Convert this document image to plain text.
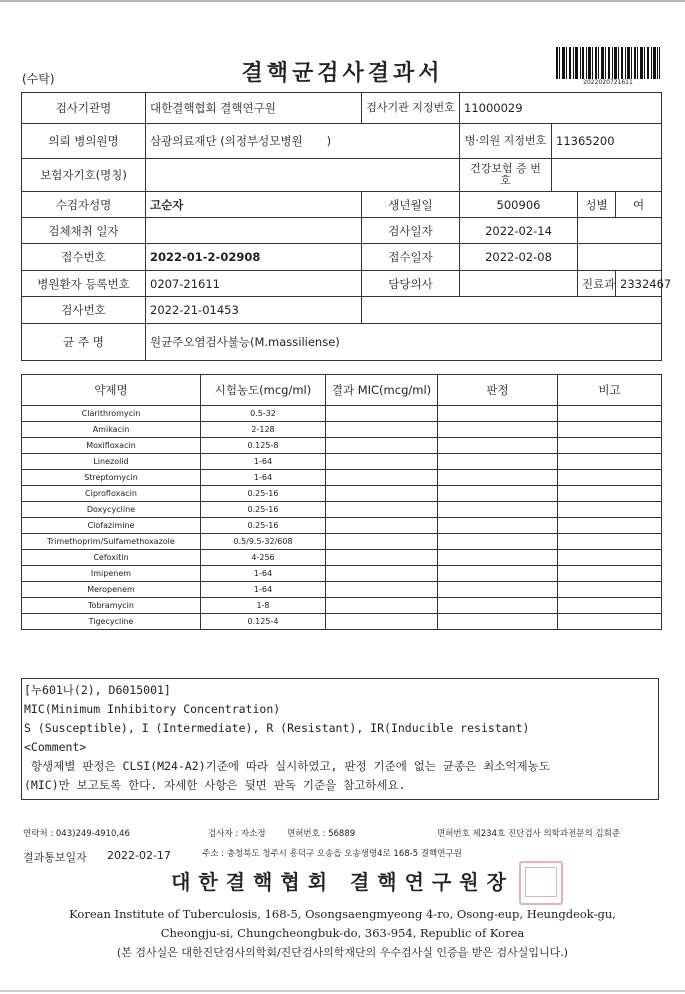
(수탁)	결핵균검사결과서	2022020721611
검사기관명	대한결핵협회 결핵연구원	검사기관 지정번호	11000029			
의뢰 병의원명	삼광의료재단 (의정부성모병원 )		병·의원 지정번호	11365200		
보험자기호(명칭)			건강보험 증 번 호			
수검자성명	고순자	생년월일	500906		성별	여
검체채취 일자		검사일자	2022-02-14			
접수번호	2022-01-2-02908	접수일자	2022-02-08			
병원환자 등록번호	0207-21611	담당의사			진료과	2332467
검사번호	2022-21-01453					
균 주 명	원균주오염검사불능(M.massiliense)					
약제명	시험농도(mcg/ml)	결과 MIC(mcg/ml)	판정	비고
Clarithromycin	0.5-32			
Amikacin	2-128			
Moxifloxacin	0.125-8			
Linezolid	1-64			
Streptomycin	1-64			
Ciprofloxacin	0.25-16			
Doxycycline	0.25-16			
Clofazimine	0.25-16			
Trimethoprim/Sulfamethoxazole	0.5/9.5-32/608			
Cefoxitin	4-256			
Imipenem	1-64			
Meropenem	1-64			
Tobramycin	1-8			
Tigecycline	0.125-4			
[누601나(2), D6015001]
MIC(Minimum Inhibitory Concentration)
S (Susceptible), I (Intermediate), R (Resistant), IR(Inducible resistant)
<Comment>
항생제별 판정은 CLSI(M24-A2)기준에 따라 실시하였고, 판정 기준에 없는 균종은 최소억제농도
(MIC)만 보고토록 한다. 자세한 사항은 뒷면 판독 기준을 참고하세요.
연락처 : 043)249-4910,46	검사자 : 자소정	면허번호 : 56889	면허번호 제234호 진단검사 의학과전문의 김희준
결과통보일자 2022-02-17	주소 : 충청북도 청주시 흥덕구 오송읍 오송생명4로 168-5 결핵연구원
대한결핵협회 결핵연구원장
Korean Institute of Tuberculosis, 168-5, Osongsaengmyeong 4-ro, Osong-eup, Heungdeok-gu,
Cheongju-si, Chungcheongbuk-do, 363-954, Republic of Korea
(본 검사실은 대한진단검사의학회/진단검사의학재단의 우수검사실 인증을 받은 검사실입니다.)
